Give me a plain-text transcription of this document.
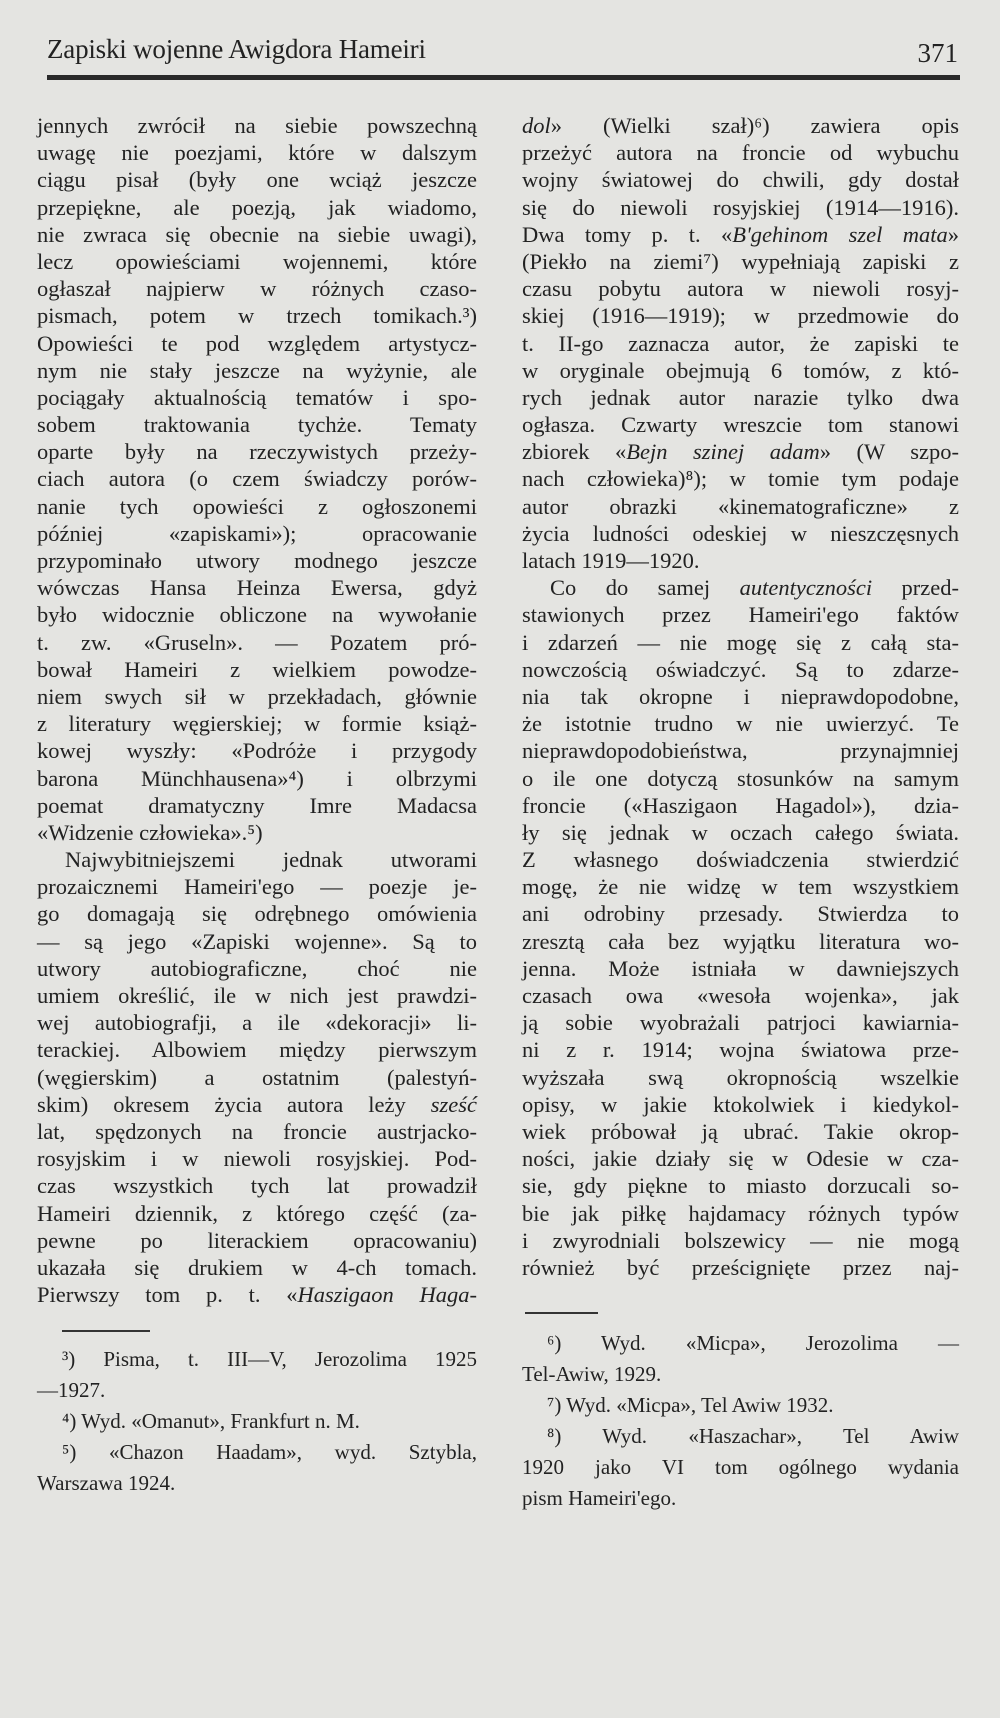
Zapiski wojenne Awigdora Hameiri	371
jennych zwrócił na siebie powszechną
uwagę nie poezjami, które w dalszym
ciągu pisał (były one wciąż jeszcze
przepiękne, ale poezją, jak wiadomo,
nie zwraca się obecnie na siebie uwagi),
lecz opowieściami wojennemi, które
ogłaszał najpierw w różnych czaso-
pismach, potem w trzech tomikach.³)
Opowieści te pod względem artystycz-
nym nie stały jeszcze na wyżynie, ale
pociągały aktualnością tematów i spo-
sobem traktowania tychże. Tematy
oparte były na rzeczywistych przeży-
ciach autora (o czem świadczy porów-
nanie tych opowieści z ogłoszonemi
później «zapiskami»); opracowanie
przypominało utwory modnego jeszcze
wówczas Hansa Heinza Ewersa, gdyż
było widocznie obliczone na wywołanie
t. zw. «Gruseln». — Pozatem pró-
bował Hameiri z wielkiem powodze-
niem swych sił w przekładach, głównie
z literatury węgierskiej; w formie książ-
kowej wyszły: «Podróże i przygody
barona Münchhausena»⁴) i olbrzymi
poemat dramatyczny Imre Madacsa
«Widzenie człowieka».⁵)
Najwybitniejszemi jednak utworami
prozaicznemi Hameiri'ego — poezje je-
go domagają się odrębnego omówienia
— są jego «Zapiski wojenne». Są to
utwory autobiograficzne, choć nie
umiem określić, ile w nich jest prawdzi-
wej autobiografji, a ile «dekoracji» li-
terackiej. Albowiem między pierwszym
(węgierskim) a ostatnim (palestyń-
skim) okresem życia autora leży sześć
lat, spędzonych na froncie austrjacko-
rosyjskim i w niewoli rosyjskiej. Pod-
czas wszystkich tych lat prowadził
Hameiri dziennik, z którego część (za-
pewne po literackiem opracowaniu)
ukazała się drukiem w 4-ch tomach.
Pierwszy tom p. t. «Haszigaon Haga-
dol» (Wielki szał)⁶) zawiera opis
przeżyć autora na froncie od wybuchu
wojny światowej do chwili, gdy dostał
się do niewoli rosyjskiej (1914—1916).
Dwa tomy p. t. «B'gehinom szel mata»
(Piekło na ziemi⁷) wypełniają zapiski z
czasu pobytu autora w niewoli rosyj-
skiej (1916—1919); w przedmowie do
t. II-go zaznacza autor, że zapiski te
w oryginale obejmują 6 tomów, z któ-
rych jednak autor narazie tylko dwa
ogłasza. Czwarty wreszcie tom stanowi
zbiorek «Bejn szinej adam» (W szpo-
nach człowieka)⁸); w tomie tym podaje
autor obrazki «kinematograficzne» z
życia ludności odeskiej w nieszczęsnych
latach 1919—1920.
Co do samej autentyczności przed-
stawionych przez Hameiri'ego faktów
i zdarzeń — nie mogę się z całą sta-
nowczością oświadczyć. Są to zdarze-
nia tak okropne i nieprawdopodobne,
że istotnie trudno w nie uwierzyć. Te
nieprawdopodobieństwa, przynajmniej
o ile one dotyczą stosunków na samym
froncie («Haszigaon Hagadol»), dzia-
ły się jednak w oczach całego świata.
Z własnego doświadczenia stwierdzić
mogę, że nie widzę w tem wszystkiem
ani odrobiny przesady. Stwierdza to
zresztą cała bez wyjątku literatura wo-
jenna. Może istniała w dawniejszych
czasach owa «wesoła wojenka», jak
ją sobie wyobrażali patrjoci kawiarnia-
ni z r. 1914; wojna światowa prze-
wyższała swą okropnością wszelkie
opisy, w jakie ktokolwiek i kiedykol-
wiek próbował ją ubrać. Takie okrop-
ności, jakie działy się w Odesie w cza-
sie, gdy piękne to miasto dorzucali so-
bie jak piłkę hajdamacy różnych typów
i zwyrodniali bolszewicy — nie mogą
również być prześcignięte przez naj-
³) Pisma, t. III—V, Jerozolima 1925
—1927.
⁴) Wyd. «Omanut», Frankfurt n. M.
⁵) «Chazon Haadam», wyd. Sztybla,
Warszawa 1924.
⁶) Wyd. «Micpa», Jerozolima —
Tel-Awiw, 1929.
⁷) Wyd. «Micpa», Tel Awiw 1932.
⁸) Wyd. «Haszachar», Tel Awiw
1920 jako VI tom ogólnego wydania
pism Hameiri'ego.
